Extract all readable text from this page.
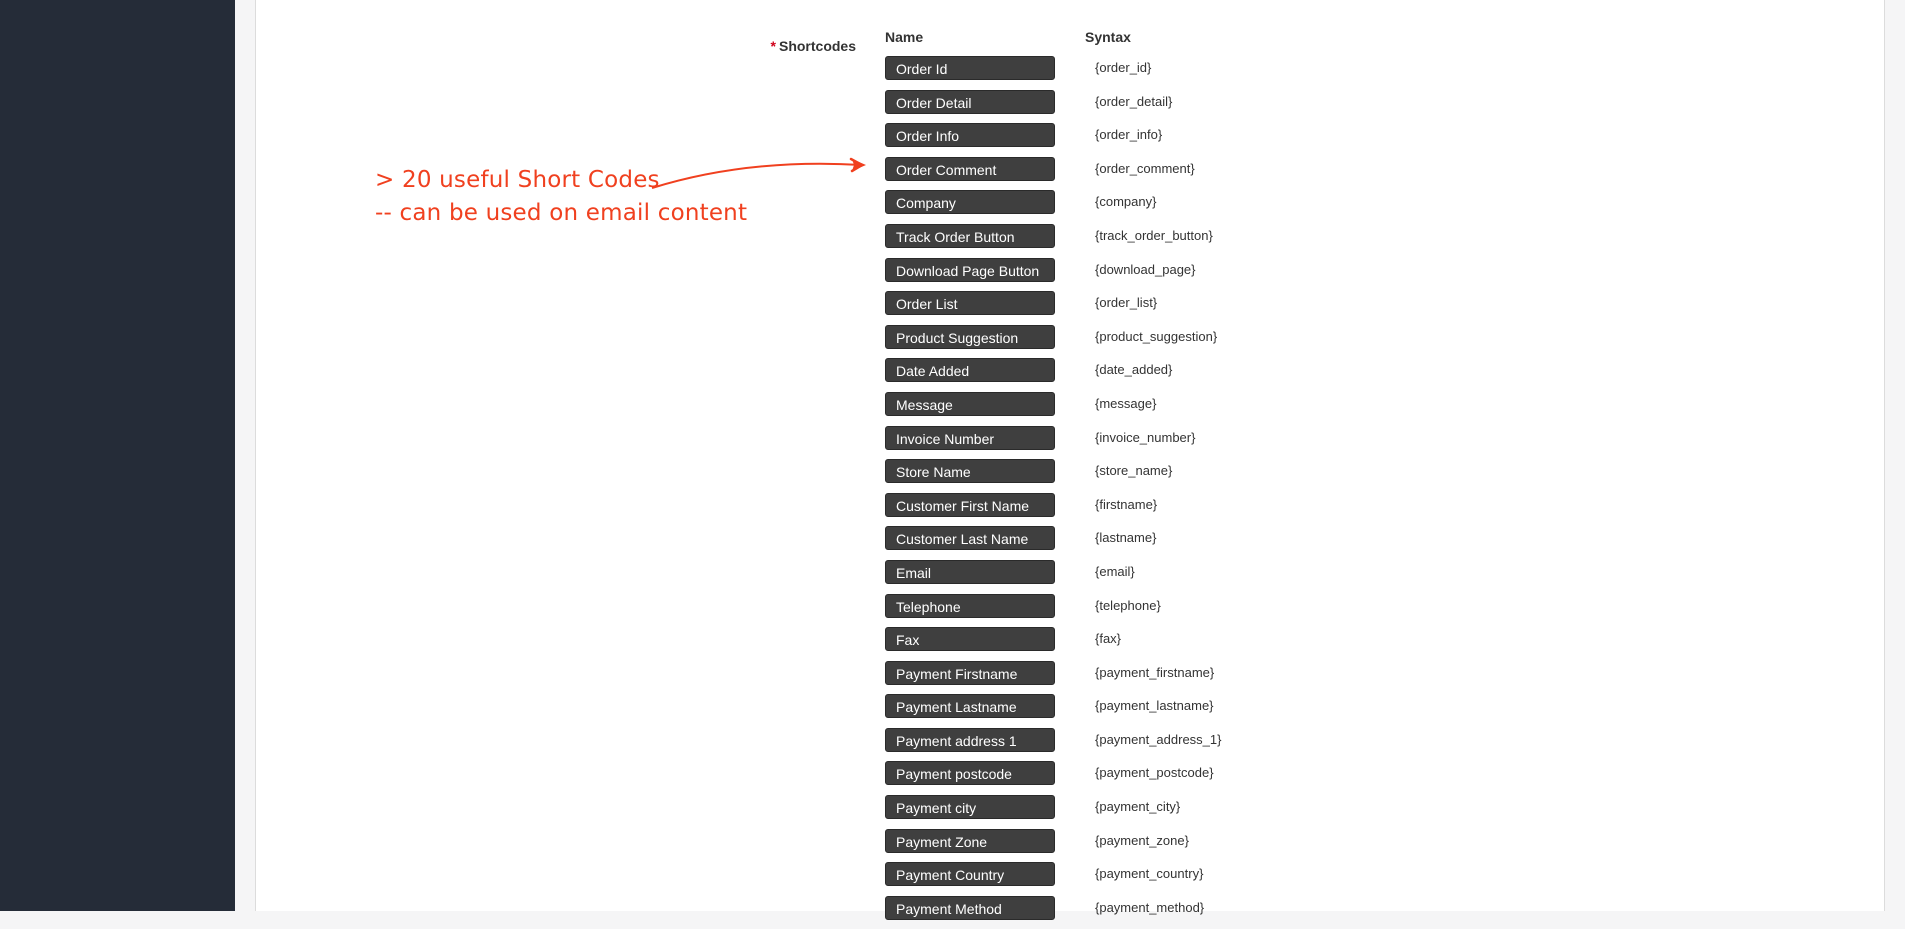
* Shortcodes
Name	Syntax
Order Id	{order_id}
Order Detail	{order_detail}
Order Info	{order_info}
Order Comment	{order_comment}
Company	{company}
Track Order Button	{track_order_button}
Download Page Button	{download_page}
Order List	{order_list}
Product Suggestion	{product_suggestion}
Date Added	{date_added}
Message	{message}
Invoice Number	{invoice_number}
Store Name	{store_name}
Customer First Name	{firstname}
Customer Last Name	{lastname}
Email	{email}
Telephone	{telephone}
Fax	{fax}
Payment Firstname	{payment_firstname}
Payment Lastname	{payment_lastname}
Payment address 1	{payment_address_1}
Payment postcode	{payment_postcode}
Payment city	{payment_city}
Payment Zone	{payment_zone}
Payment Country	{payment_country}
Payment Method	{payment_method}
> 20 useful Short Codes
-- can be used on email content
